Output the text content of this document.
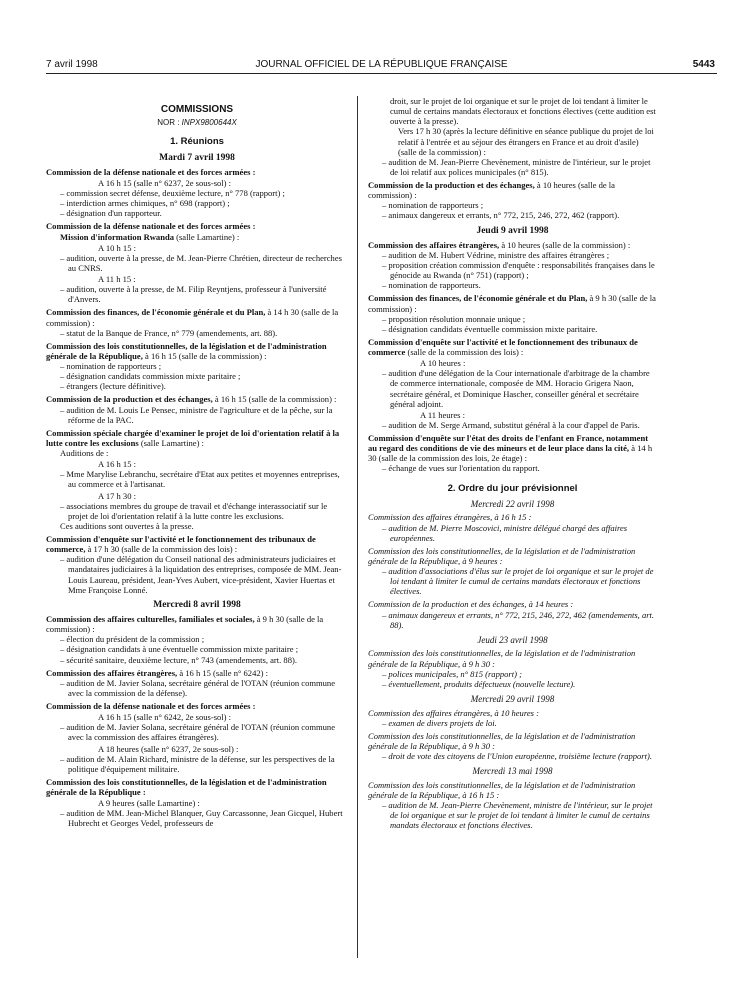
7 avril 1998	JOURNAL OFFICIEL DE LA RÉPUBLIQUE FRANÇAISE	5443

COMMISSIONS

NOR : INPX9800644X

1. Réunions

Mardi 7 avril 1998

Commission de la défense nationale et des forces armées :

A 16 h 15 (salle n° 6237, 2e sous-sol) :

– commission secret défense, deuxième lecture, n° 778 (rapport) ;

– interdiction armes chimiques, n° 698 (rapport) ;

– désignation d'un rapporteur.

Commission de la défense nationale et des forces armées :

Mission d'information Rwanda (salle Lamartine) :

A 10 h 15 :

– audition, ouverte à la presse, de M. Jean-Pierre Chrétien, directeur de recherches au CNRS.

A 11 h 15 :

– audition, ouverte à la presse, de M. Filip Reyntjens, professeur à l'université d'Anvers.

Commission des finances, de l'économie générale et du Plan, à 14 h 30 (salle de la commission) :

– statut de la Banque de France, n° 779 (amendements, art. 88).

Commission des lois constitutionnelles, de la législation et de l'administration générale de la République, à 16 h 15 (salle de la commission) :

– nomination de rapporteurs ;

– désignation candidats commission mixte paritaire ;

– étrangers (lecture définitive).

Commission de la production et des échanges, à 16 h 15 (salle de la commission) :

– audition de M. Louis Le Pensec, ministre de l'agriculture et de la pêche, sur la réforme de la PAC.

Commission spéciale chargée d'examiner le projet de loi d'orientation relatif à la lutte contre les exclusions (salle Lamartine) :

Auditions de :

A 16 h 15 :

– Mme Marylise Lebranchu, secrétaire d'Etat aux petites et moyennes entreprises, au commerce et à l'artisanat.

A 17 h 30 :

– associations membres du groupe de travail et d'échange interassociatif sur le projet de loi d'orientation relatif à la lutte contre les exclusions.

Ces auditions sont ouvertes à la presse.

Commission d'enquête sur l'activité et le fonctionnement des tribunaux de commerce, à 17 h 30 (salle de la commission des lois) :

– audition d'une délégation du Conseil national des administrateurs judiciaires et mandataires judiciaires à la liquidation des entreprises, composée de MM. Jean-Louis Laureau, président, Jean-Yves Aubert, vice-président, Xavier Huertas et Mme Françoise Lonné.

Mercredi 8 avril 1998

Commission des affaires culturelles, familiales et sociales, à 9 h 30 (salle de la commission) :

– élection du président de la commission ;

– désignation candidats à une éventuelle commission mixte paritaire ;

– sécurité sanitaire, deuxième lecture, n° 743 (amendements, art. 88).

Commission des affaires étrangères, à 16 h 15 (salle n° 6242) :

– audition de M. Javier Solana, secrétaire général de l'OTAN (réunion commune avec la commission de la défense).

Commission de la défense nationale et des forces armées :

A 16 h 15 (salle n° 6242, 2e sous-sol) :

– audition de M. Javier Solana, secrétaire général de l'OTAN (réunion commune avec la commission des affaires étrangères).

A 18 heures (salle n° 6237, 2e sous-sol) :

– audition de M. Alain Richard, ministre de la défense, sur les perspectives de la politique d'équipement militaire.

Commission des lois constitutionnelles, de la législation et de l'administration générale de la République :

A 9 heures (salle Lamartine) :

– audition de MM. Jean-Michel Blanquer, Guy Carcassonne, Jean Gicquel, Hubert Hubrecht et Georges Vedel, professeurs de

droit, sur le projet de loi organique et sur le projet de loi tendant à limiter le cumul de certains mandats électoraux et fonctions électives (cette audition est ouverte à la presse).

Vers 17 h 30 (après la lecture définitive en séance publique du projet de loi relatif à l'entrée et au séjour des étrangers en France et au droit d'asile) (salle de la commission) :

– audition de M. Jean-Pierre Chevènement, ministre de l'intérieur, sur le projet de loi relatif aux polices municipales (n° 815).

Commission de la production et des échanges, à 10 heures (salle de la commission) :

– nomination de rapporteurs ;

– animaux dangereux et errants, n° 772, 215, 246, 272, 462 (rapport).

Jeudi 9 avril 1998

Commission des affaires étrangères, à 10 heures (salle de la commission) :

– audition de M. Hubert Védrine, ministre des affaires étrangères ;

– proposition création commission d'enquête : responsabilités françaises dans le génocide au Rwanda (n° 751) (rapport) ;

– nomination de rapporteurs.

Commission des finances, de l'économie générale et du Plan, à 9 h 30 (salle de la commission) :

– proposition résolution monnaie unique ;

– désignation candidats éventuelle commission mixte paritaire.

Commission d'enquête sur l'activité et le fonctionnement des tribunaux de commerce (salle de la commission des lois) :

A 10 heures :

– audition d'une délégation de la Cour internationale d'arbitrage de la chambre de commerce internationale, composée de MM. Horacio Grigera Naon, secrétaire général, et Dominique Hascher, conseiller général et secrétaire général adjoint.

A 11 heures :

– audition de M. Serge Armand, substitut général à la cour d'appel de Paris.

Commission d'enquête sur l'état des droits de l'enfant en France, notamment au regard des conditions de vie des mineurs et de leur place dans la cité, à 14 h 30 (salle de la commission des lois, 2e étage) :

– échange de vues sur l'orientation du rapport.

2. Ordre du jour prévisionnel

Mercredi 22 avril 1998

Commission des affaires étrangères, à 16 h 15 :

– audition de M. Pierre Moscovici, ministre délégué chargé des affaires européennes.

Commission des lois constitutionnelles, de la législation et de l'administration générale de la République, à 9 heures :

– audition d'associations d'élus sur le projet de loi organique et sur le projet de loi tendant à limiter le cumul de certains mandats électoraux et fonctions électives.

Commission de la production et des échanges, à 14 heures :

– animaux dangereux et errants, n° 772, 215, 246, 272, 462 (amendements, art. 88).

Jeudi 23 avril 1998

Commission des lois constitutionnelles, de la législation et de l'administration générale de la République, à 9 h 30 :

– polices municipales, n° 815 (rapport) ;

– éventuellement, produits défectueux (nouvelle lecture).

Mercredi 29 avril 1998

Commission des affaires étrangères, à 10 heures :

– examen de divers projets de loi.

Commission des lois constitutionnelles, de la législation et de l'administration générale de la République, à 9 h 30 :

– droit de vote des citoyens de l'Union européenne, troisième lecture (rapport).

Mercredi 13 mai 1998

Commission des lois constitutionnelles, de la législation et de l'administration générale de la République, à 16 h 15 :

– audition de M. Jean-Pierre Chevènement, ministre de l'intérieur, sur le projet de loi organique et sur le projet de loi tendant à limiter le cumul de certains mandats électoraux et fonctions électives.
